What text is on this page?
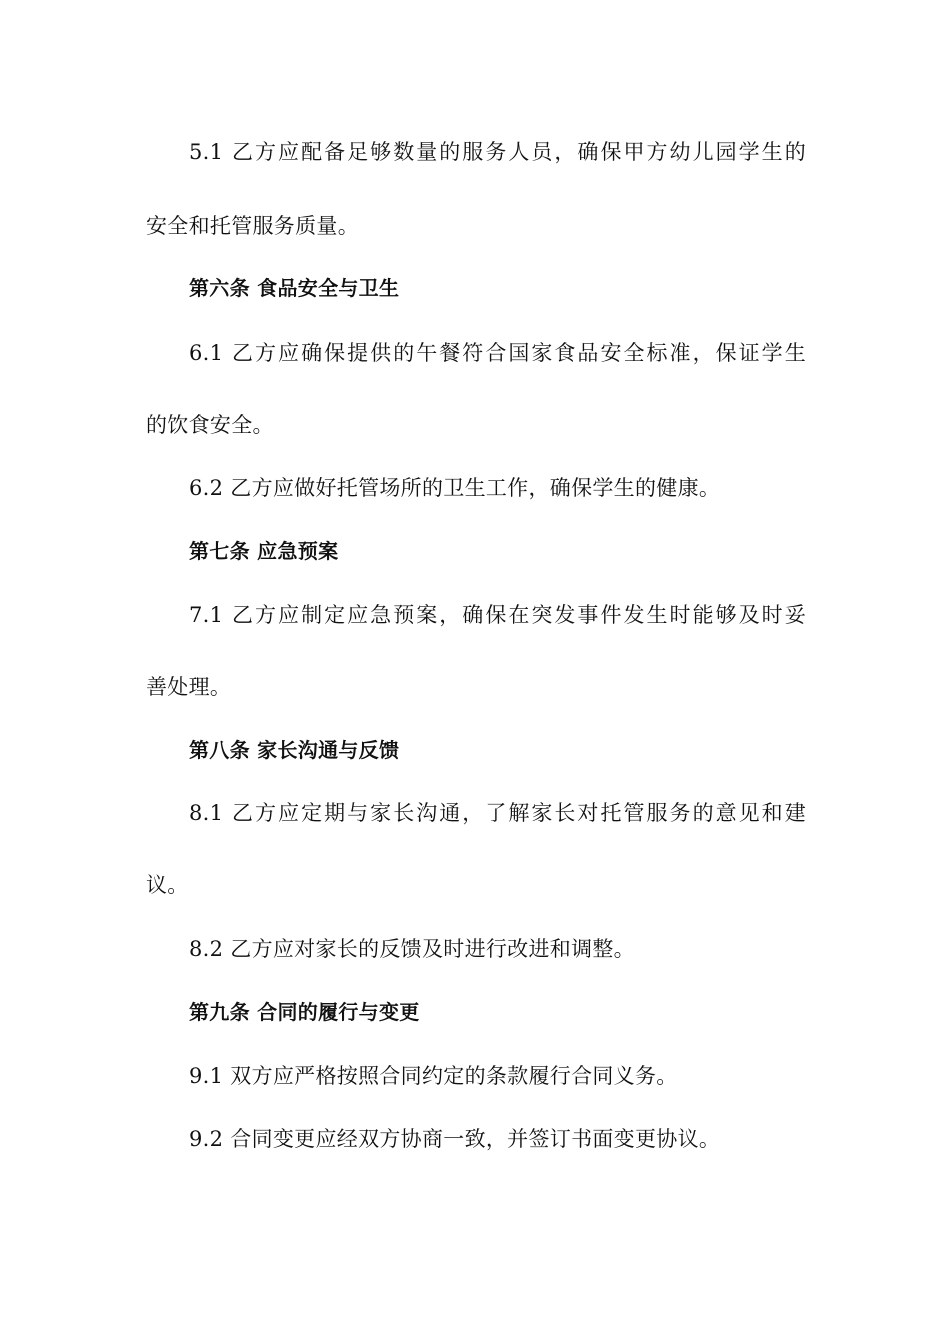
5.1 乙方应配备足够数量的服务人员，确保甲方幼儿园学生的
安全和托管服务质量。
第六条 食品安全与卫生
6.1 乙方应确保提供的午餐符合国家食品安全标准，保证学生
的饮食安全。
6.2 乙方应做好托管场所的卫生工作，确保学生的健康。
第七条 应急预案
7.1 乙方应制定应急预案，确保在突发事件发生时能够及时妥
善处理。
第八条 家长沟通与反馈
8.1 乙方应定期与家长沟通，了解家长对托管服务的意见和建
议。
8.2 乙方应对家长的反馈及时进行改进和调整。
第九条 合同的履行与变更
9.1 双方应严格按照合同约定的条款履行合同义务。
9.2 合同变更应经双方协商一致，并签订书面变更协议。
